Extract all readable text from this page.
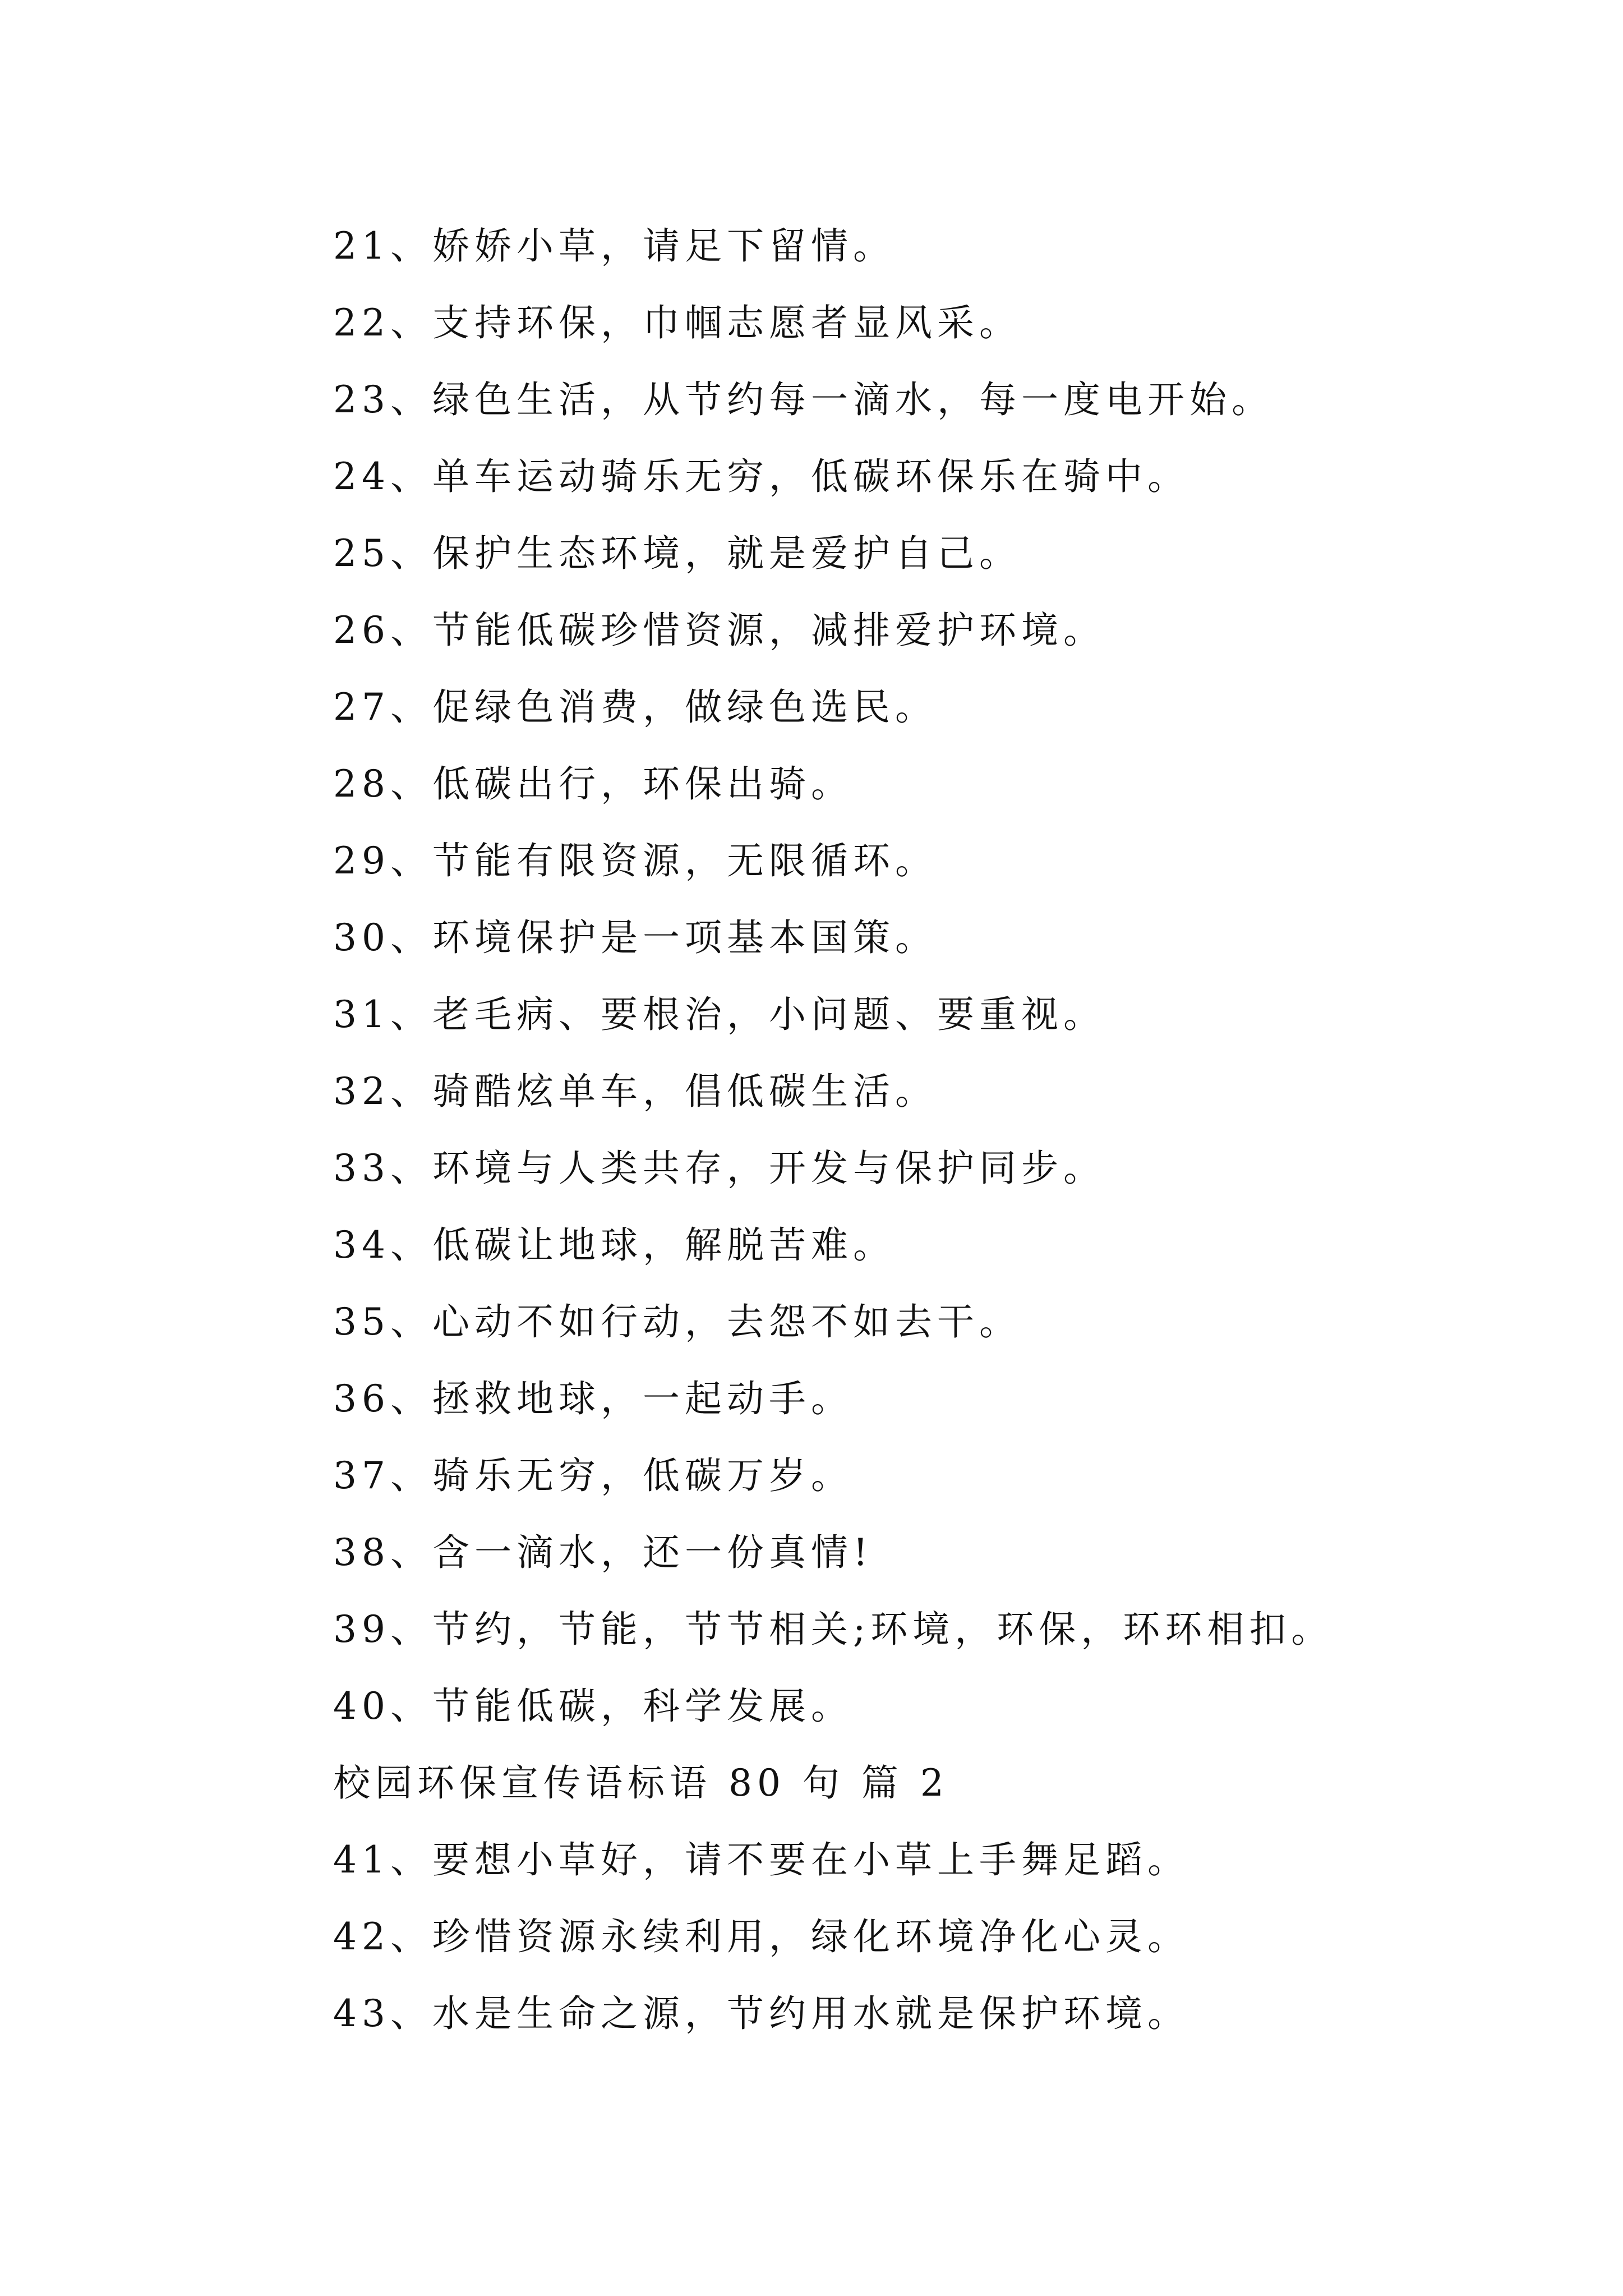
21、娇娇小草，请足下留情。
22、支持环保，巾帼志愿者显风采。
23、绿色生活，从节约每一滴水，每一度电开始。
24、单车运动骑乐无穷，低碳环保乐在骑中。
25、保护生态环境，就是爱护自己。
26、节能低碳珍惜资源，减排爱护环境。
27、促绿色消费，做绿色选民。
28、低碳出行，环保出骑。
29、节能有限资源，无限循环。
30、环境保护是一项基本国策。
31、老毛病、要根治，小问题、要重视。
32、骑酷炫单车，倡低碳生活。
33、环境与人类共存，开发与保护同步。
34、低碳让地球，解脱苦难。
35、心动不如行动，去怨不如去干。
36、拯救地球，一起动手。
37、骑乐无穷，低碳万岁。
38、含一滴水，还一份真情!
39、节约，节能，节节相关;环境，环保，环环相扣。
40、节能低碳，科学发展。
校园环保宣传语标语 80 句 篇 2
41、要想小草好，请不要在小草上手舞足蹈。
42、珍惜资源永续利用，绿化环境净化心灵。
43、水是生命之源，节约用水就是保护环境。
